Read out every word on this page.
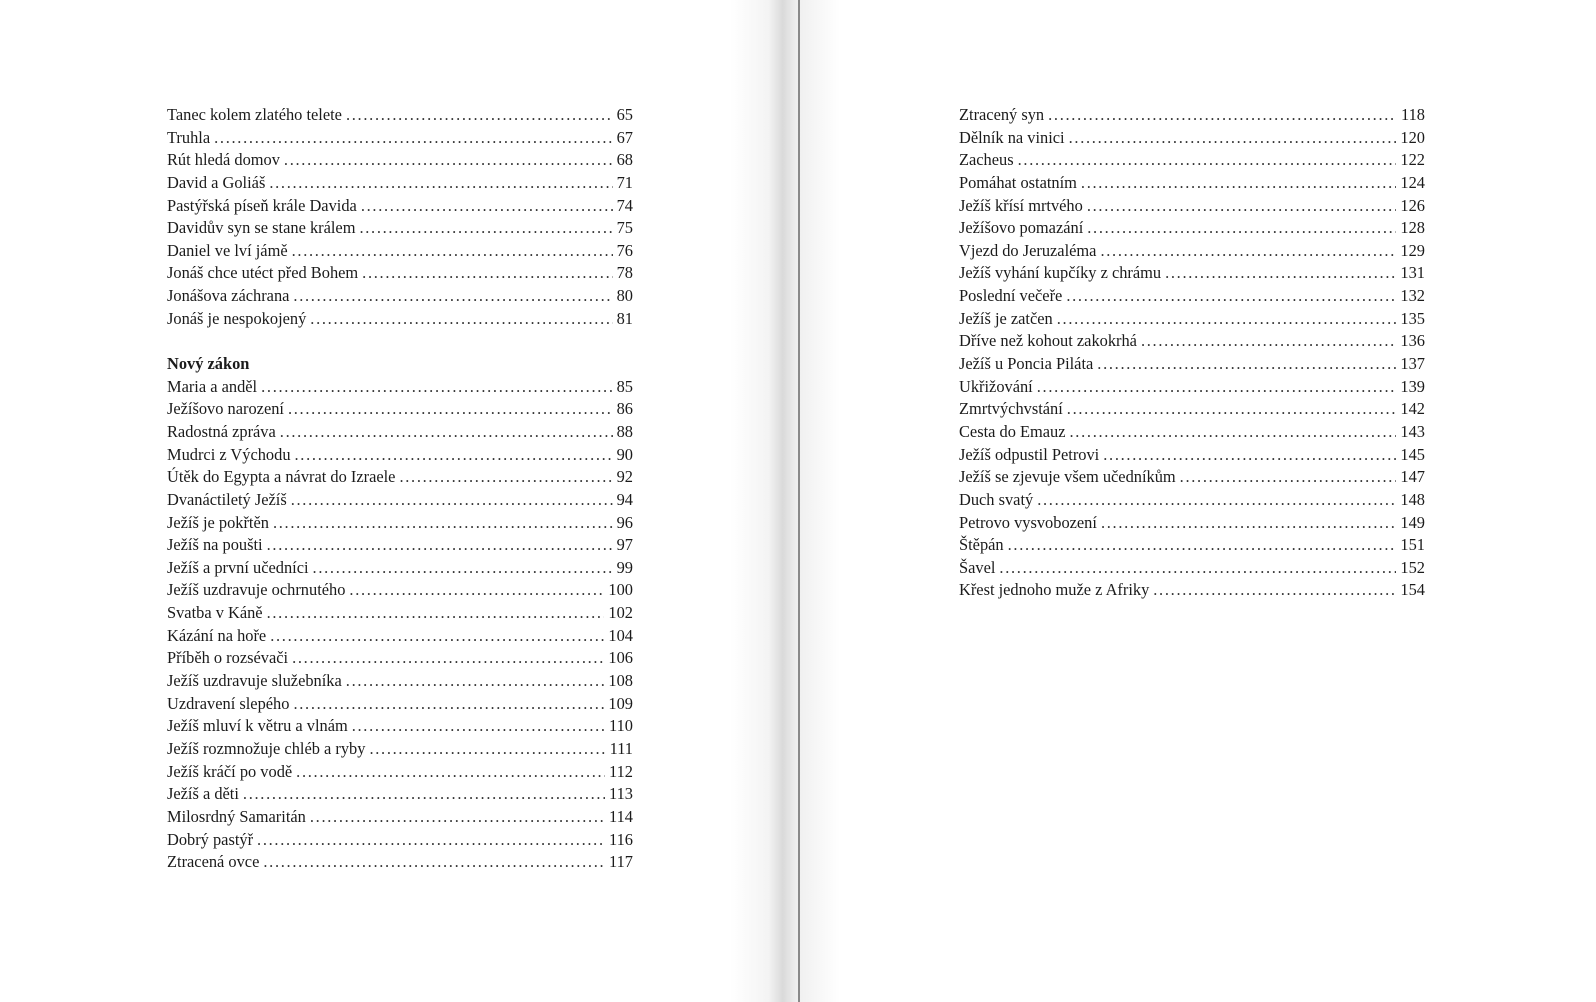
Tanec kolem zlatého telete . . .	65
Truhla . . .	67
Rút hledá domov . . .	68
David a Goliáš . . .	71
Pastýřská píseň krále Davida . . .	74
Davidův syn se stane králem . . .	75
Daniel ve lví jámě . . .	76
Jonáš chce utéct před Bohem . . .	78
Jonášova záchrana . . .	80
Jonáš je nespokojený . . .	81
Nový zákon
Maria a anděl . . .	85
Ježíšovo narození . . .	86
Radostná zpráva . . .	88
Mudrci z Východu . . .	90
Útěk do Egypta a návrat do Izraele . . .	92
Dvanáctiletý Ježíš . . .	94
Ježíš je pokřtěn . . .	96
Ježíš na poušti . . .	97
Ježíš a první učedníci . . .	99
Ježíš uzdravuje ochrnutého . . .	100
Svatba v Káně . . .	102
Kázání na hoře . . .	104
Příběh o rozsévači . . .	106
Ježíš uzdravuje služebníka . . .	108
Uzdravení slepého . . .	109
Ježíš mluví k větru a vlnám . . .	110
Ježíš rozmnožuje chléb a ryby . . .	111
Ježíš kráčí po vodě . . .	112
Ježíš a děti . . .	113
Milosrdný Samaritán . . .	114
Dobrý pastýř . . .	116
Ztracená ovce . . .	117
Ztracený syn . . .	118
Dělník na vinici . . .	120
Zacheus . . .	122
Pomáhat ostatním . . .	124
Ježíš křísí mrtvého . . .	126
Ježíšovo pomazání . . .	128
Vjezd do Jeruzaléma . . .	129
Ježíš vyhání kupčíky z chrámu . . .	131
Poslední večeře . . .	132
Ježíš je zatčen . . .	135
Dříve než kohout zakokrhá . . .	136
Ježíš u Poncia Piláta . . .	137
Ukřižování . . .	139
Zmrtvýchvstání . . .	142
Cesta do Emauz . . .	143
Ježíš odpustil Petrovi . . .	145
Ježíš se zjevuje všem učedníkům . . .	147
Duch svatý . . .	148
Petrovo vysvobození . . .	149
Štěpán . . .	151
Šavel . . .	152
Křest jednoho muže z Afriky . . .	154
